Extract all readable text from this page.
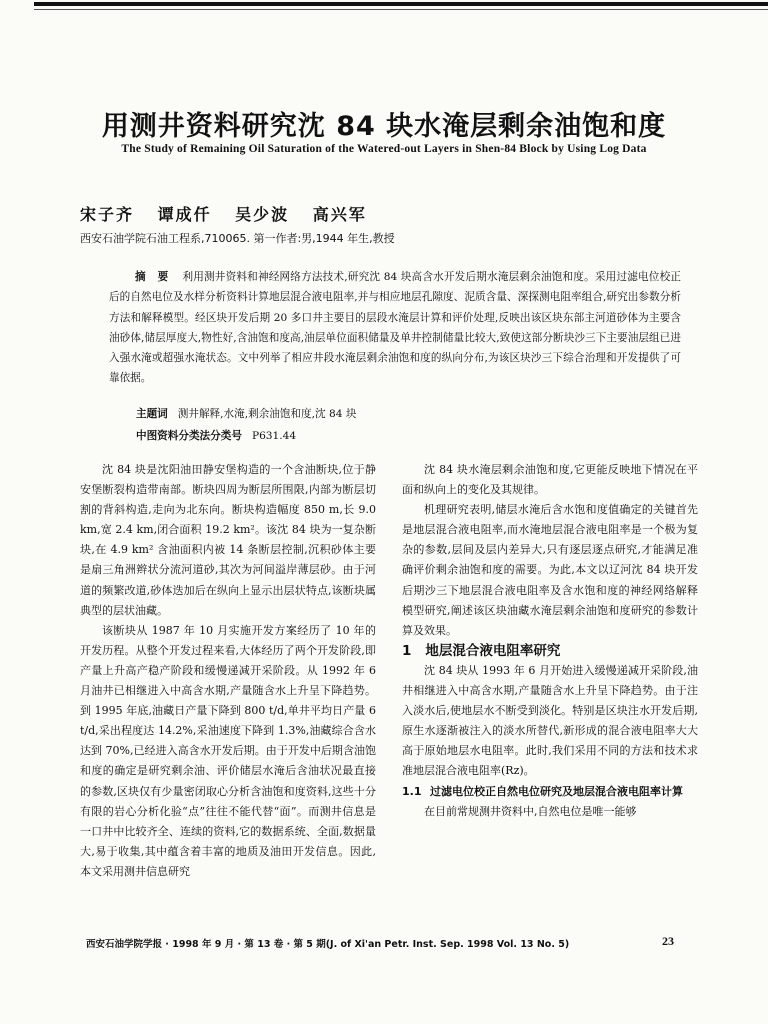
用测井资料研究沈 84 块水淹层剩余油饱和度
The Study of Remaining Oil Saturation of the Watered-out Layers in Shen-84 Block by Using Log Data
宋子齐 谭成仟 吴少波 高兴军
西安石油学院石油工程系,710065. 第一作者:男,1944 年生,教授
摘 要 利用测井资料和神经网络方法技术,研究沈 84 块高含水开发后期水淹层剩余油饱和度。采用过滤电位校正后的自然电位及水样分析资料计算地层混合液电阻率,并与相应地层孔隙度、泥质含量、深探测电阻率组合,研究出参数分析方法和解释模型。经区块开发后期 20 多口井主要目的层段水淹层计算和评价处理,反映出该区块东部主河道砂体为主要含油砂体,储层厚度大,物性好,含油饱和度高,油层单位面积储量及单井控制储量比较大,致使这部分断块沙三下主要油层组已进入强水淹或超强水淹状态。文中列举了相应井段水淹层剩余油饱和度的纵向分布,为该区块沙三下综合治理和开发提供了可靠依据。
主题词 测井解释,水淹,剩余油饱和度,沈 84 块
中图资料分类法分类号 P631.44

沈 84 块是沈阳油田静安堡构造的一个含油断块,位于静安堡断裂构造带南部。断块四周为断层所围限,内部为断层切割的背斜构造,走向为北东向。断块构造幅度 850 m,长 9.0 km,宽 2.4 km,闭合面积 19.2 km²。该沈 84 块为一复杂断块,在 4.9 km² 含油面积内被 14 条断层控制,沉积砂体主要是扇三角洲辫状分流河道砂,其次为河间溢岸薄层砂。由于河道的频繁改道,砂体迭加后在纵向上显示出层状特点,该断块属典型的层状油藏。

该断块从 1987 年 10 月实施开发方案经历了 10 年的开发历程。从整个开发过程来看,大体经历了两个开发阶段,即产量上升高产稳产阶段和缓慢递减开采阶段。从 1992 年 6 月油井已相继进入中高含水期,产量随含水上升呈下降趋势。到 1995 年底,油藏日产量下降到 800 t/d,单井平均日产量 6 t/d,采出程度达 14.2%,采油速度下降到 1.3%,油藏综合含水达到 70%,已经进入高含水开发后期。由于开发中后期含油饱和度的确定是研究剩余油、评价储层水淹后含油状况最直接的参数,区块仅有少量密闭取心分析含油饱和度资料,这些十分有限的岩心分析化验“点”往往不能代替“面”。而测井信息是一口井中比较齐全、连续的资料,它的数据系统、全面,数据量大,易于收集,其中蕴含着丰富的地质及油田开发信息。因此,本文采用测井信息研究

沈 84 块水淹层剩余油饱和度,它更能反映地下情况在平面和纵向上的变化及其规律。

机理研究表明,储层水淹后含水饱和度值确定的关键首先是地层混合液电阻率,而水淹地层混合液电阻率是一个极为复杂的参数,层间及层内差异大,只有逐层逐点研究,才能满足准确评价剩余油饱和度的需要。为此,本文以辽河沈 84 块开发后期沙三下地层混合液电阻率及含水饱和度的神经网络解释模型研究,阐述该区块油藏水淹层剩余油饱和度研究的参数计算及效果。

1 地层混合液电阻率研究

沈 84 块从 1993 年 6 月开始进入缓慢递减开采阶段,油井相继进入中高含水期,产量随含水上升呈下降趋势。由于注入淡水后,使地层水不断受到淡化。特别是区块注水开发后期,原生水逐渐被注入的淡水所替代,新形成的混合液电阻率大大高于原始地层水电阻率。此时,我们采用不同的方法和技术求准地层混合液电阻率(Rz)。

1.1 过滤电位校正自然电位研究及地层混合液电阻率计算

在目前常规测井资料中,自然电位是唯一能够

西安石油学院学报 · 1998 年 9 月 · 第 13 卷 · 第 5 期(J. of Xi'an Petr. Inst. Sep. 1998 Vol. 13 No. 5)	23
